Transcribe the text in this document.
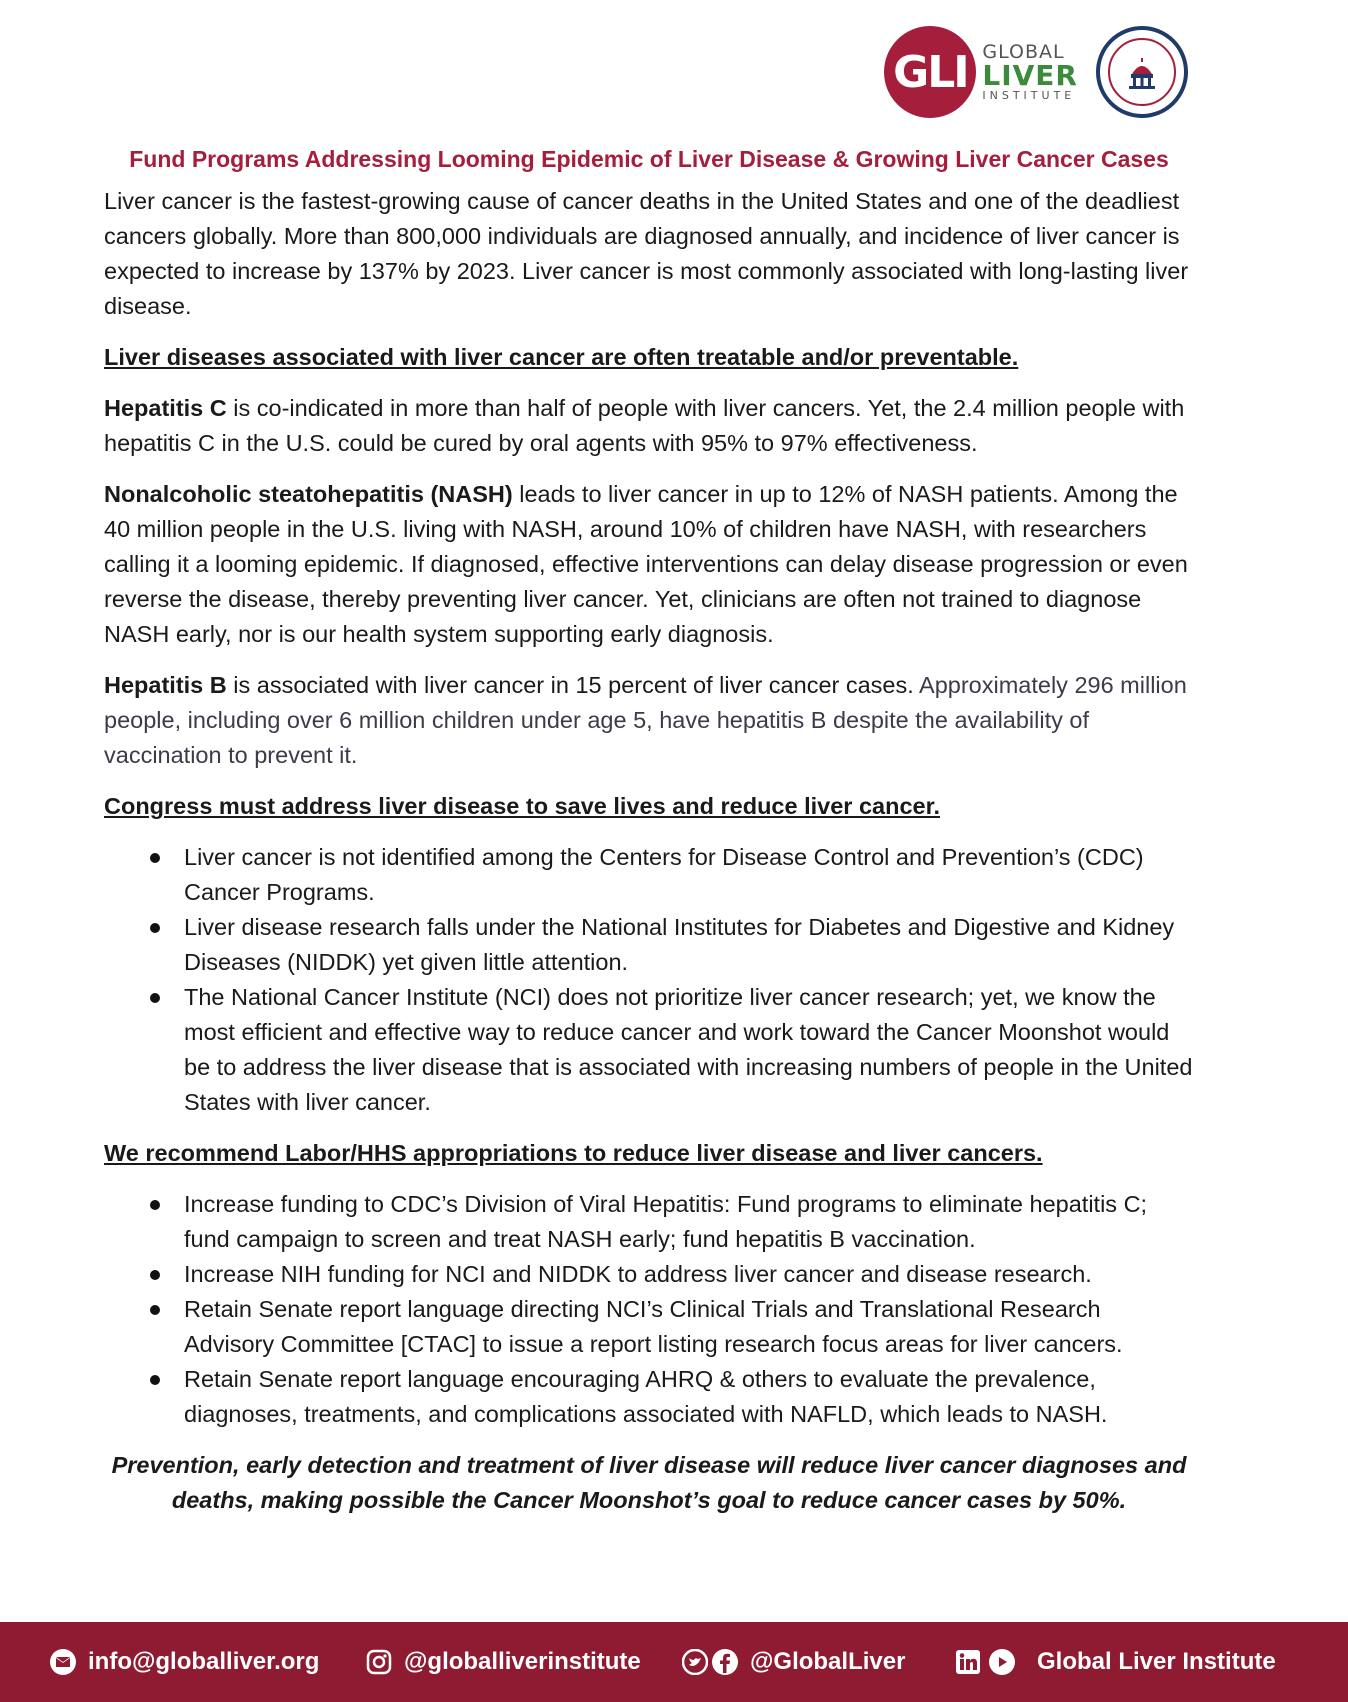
GLI GLOBAL
LIVER
INSTITUTE
Fund Programs Addressing Looming Epidemic of Liver Disease & Growing Liver Cancer Cases

Liver cancer is the fastest-growing cause of cancer deaths in the United States and one of the deadliest cancers globally. More than 800,000 individuals are diagnosed annually, and incidence of liver cancer is expected to increase by 137% by 2023. Liver cancer is most commonly associated with long-lasting liver disease.

Liver diseases associated with liver cancer are often treatable and/or preventable.

Hepatitis C is co-indicated in more than half of people with liver cancers. Yet, the 2.4 million people with hepatitis C in the U.S. could be cured by oral agents with 95% to 97% effectiveness.

Nonalcoholic steatohepatitis (NASH) leads to liver cancer in up to 12% of NASH patients. Among the 40 million people in the U.S. living with NASH, around 10% of children have NASH, with researchers calling it a looming epidemic. If diagnosed, effective interventions can delay disease progression or even reverse the disease, thereby preventing liver cancer. Yet, clinicians are often not trained to diagnose NASH early, nor is our health system supporting early diagnosis.

Hepatitis B is associated with liver cancer in 15 percent of liver cancer cases. Approximately 296 million people, including over 6 million children under age 5, have hepatitis B despite the availability of vaccination to prevent it.

Congress must address liver disease to save lives and reduce liver cancer.
Liver cancer is not identified among the Centers for Disease Control and Prevention’s (CDC) Cancer Programs.
Liver disease research falls under the National Institutes for Diabetes and Digestive and Kidney Diseases (NIDDK) yet given little attention.
The National Cancer Institute (NCI) does not prioritize liver cancer research; yet, we know the most efficient and effective way to reduce cancer and work toward the Cancer Moonshot would be to address the liver disease that is associated with increasing numbers of people in the United States with liver cancer.
We recommend Labor/HHS appropriations to reduce liver disease and liver cancers.
Increase funding to CDC’s Division of Viral Hepatitis: Fund programs to eliminate hepatitis C; fund campaign to screen and treat NASH early; fund hepatitis B vaccination.
Increase NIH funding for NCI and NIDDK to address liver cancer and disease research.
Retain Senate report language directing NCI’s Clinical Trials and Translational Research Advisory Committee [CTAC] to issue a report listing research focus areas for liver cancers.
Retain Senate report language encouraging AHRQ & others to evaluate the prevalence, diagnoses, treatments, and complications associated with NAFLD, which leads to NASH.
Prevention, early detection and treatment of liver disease will reduce liver cancer diagnoses and deaths, making possible the Cancer Moonshot’s goal to reduce cancer cases by 50%.
info@globalliver.org	@globalliverinstitute	@GlobalLiver	Global Liver Institute
